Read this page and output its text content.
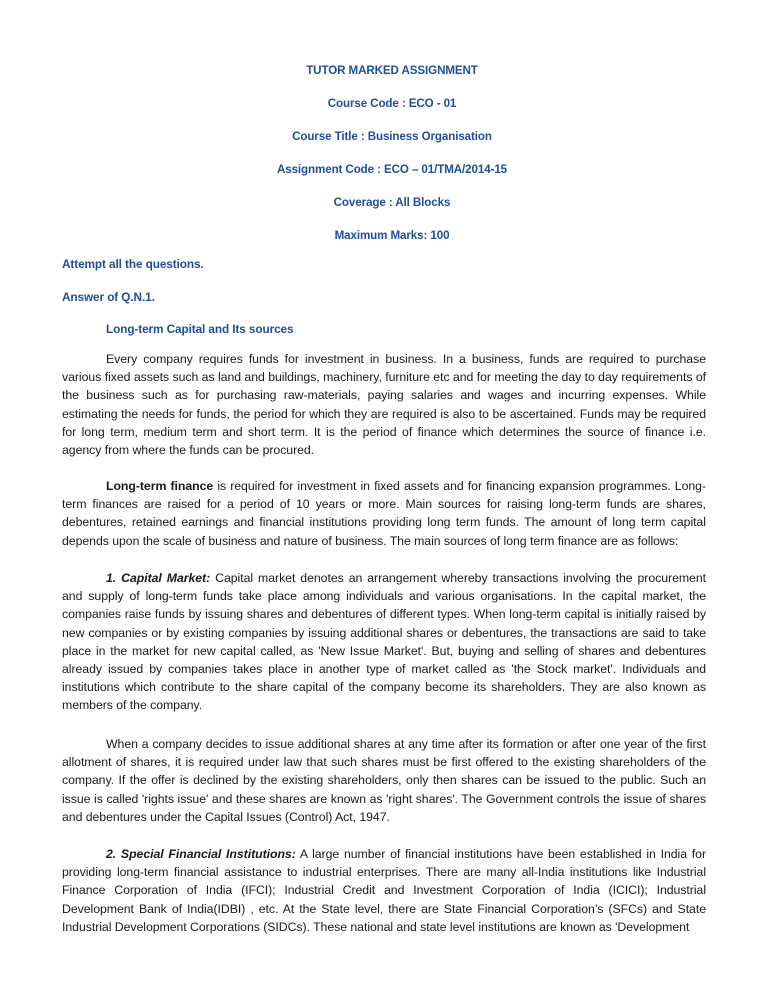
TUTOR MARKED ASSIGNMENT
Course Code : ECO - 01
Course Title : Business Organisation
Assignment Code : ECO – 01/TMA/2014-15
Coverage : All Blocks
Maximum Marks: 100
Attempt all the questions.
Answer of Q.N.1.
Long-term Capital and Its sources
Every company requires funds for investment in business. In a business, funds are required to purchase various fixed assets such as land and buildings, machinery, furniture etc and for meeting the day to day requirements of the business such as for purchasing raw-materials, paying salaries and wages and incurring expenses. While estimating the needs for funds, the period for which they are required is also to be ascertained. Funds may be required for long term, medium term and short term. It is the period of finance which determines the source of finance i.e. agency from where the funds can be procured.
Long-term finance is required for investment in fixed assets and for financing expansion programmes. Long-term finances are raised for a period of 10 years or more. Main sources for raising long-term funds are shares, debentures, retained earnings and financial institutions providing long term funds. The amount of long term capital depends upon the scale of business and nature of business. The main sources of long term finance are as follows:
1. Capital Market: Capital market denotes an arrangement whereby transactions involving the procurement and supply of long-term funds take place among individuals and various organisations. In the capital market, the companies raise funds by issuing shares and debentures of different types. When long-term capital is initially raised by new companies or by existing companies by issuing additional shares or debentures, the transactions are said to take place in the market for new capital called, as 'New Issue Market'. But, buying and selling of shares and debentures already issued by companies takes place in another type of market called as 'the Stock market'. Individuals and institutions which contribute to the share capital of the company become its shareholders. They are also known as members of the company.
When a company decides to issue additional shares at any time after its formation or after one year of the first allotment of shares, it is required under law that such shares must be first offered to the existing shareholders of the company. If the offer is declined by the existing shareholders, only then shares can be issued to the public. Such an issue is called 'rights issue' and these shares are known as 'right shares'. The Government controls the issue of shares and debentures under the Capital Issues (Control) Act, 1947.
2. Special Financial Institutions: A large number of financial institutions have been established in India for providing long-term financial assistance to industrial enterprises. There are many all-India institutions like Industrial Finance Corporation of India (IFCI); Industrial Credit and Investment Corporation of India (ICICI); Industrial Development Bank of India(IDBI) , etc. At the State level, there are State Financial Corporation’s (SFCs) and State Industrial Development Corporations (SIDCs). These national and state level institutions are known as 'Development
